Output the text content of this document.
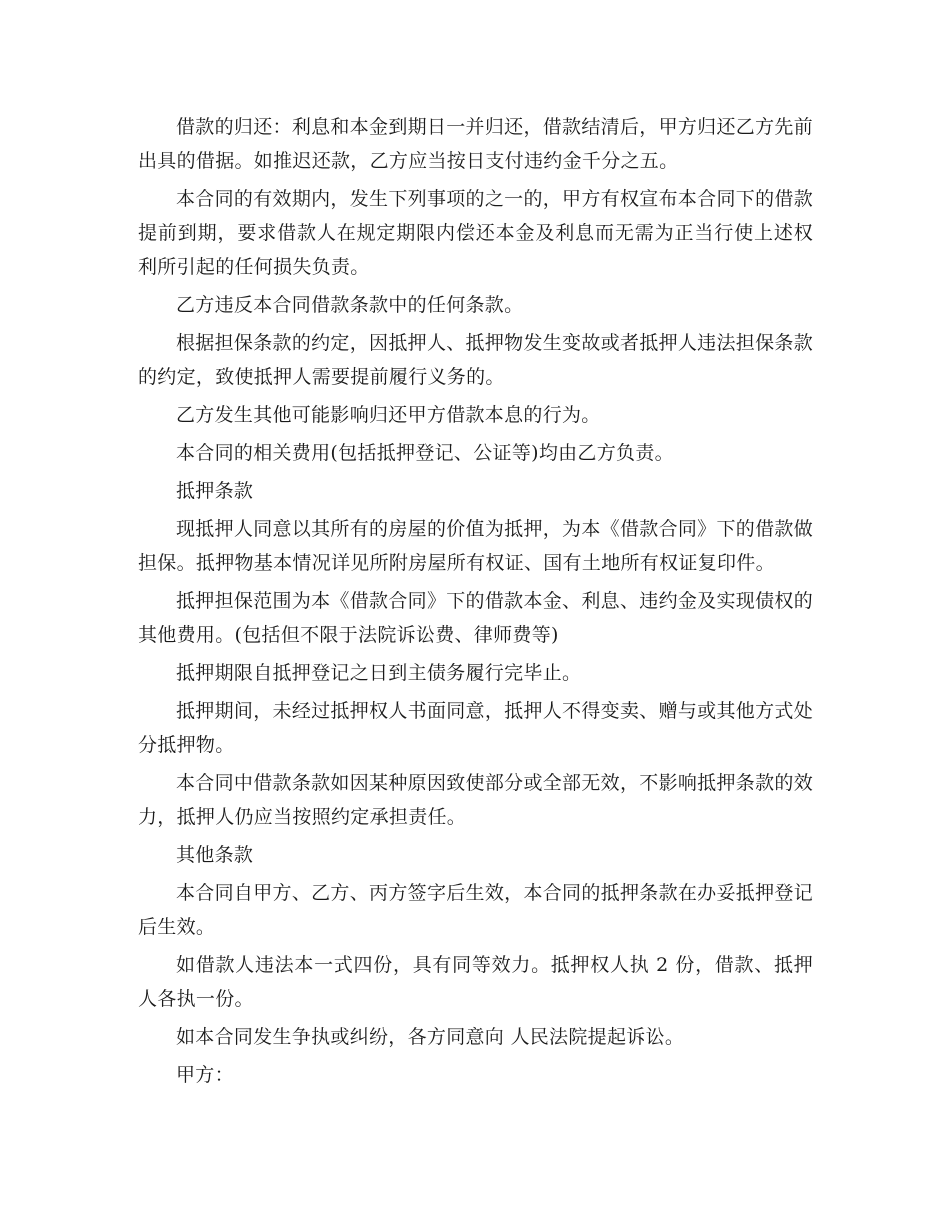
借款的归还：利息和本金到期日一并归还，借款结清后，甲方归还乙方先前出具的借据。如推迟还款，乙方应当按日支付违约金千分之五。

本合同的有效期内，发生下列事项的之一的，甲方有权宣布本合同下的借款提前到期，要求借款人在规定期限内偿还本金及利息而无需为正当行使上述权利所引起的任何损失负责。

乙方违反本合同借款条款中的任何条款。

根据担保条款的约定，因抵押人、抵押物发生变故或者抵押人违法担保条款的约定，致使抵押人需要提前履行义务的。

乙方发生其他可能影响归还甲方借款本息的行为。

本合同的相关费用(包括抵押登记、公证等)均由乙方负责。

抵押条款

现抵押人同意以其所有的房屋的价值为抵押，为本《借款合同》下的借款做担保。抵押物基本情况详见所附房屋所有权证、国有土地所有权证复印件。

抵押担保范围为本《借款合同》下的借款本金、利息、违约金及实现债权的其他费用。(包括但不限于法院诉讼费、律师费等)

抵押期限自抵押登记之日到主债务履行完毕止。

抵押期间，未经过抵押权人书面同意，抵押人不得变卖、赠与或其他方式处分抵押物。

本合同中借款条款如因某种原因致使部分或全部无效，不影响抵押条款的效力，抵押人仍应当按照约定承担责任。

其他条款

本合同自甲方、乙方、丙方签字后生效，本合同的抵押条款在办妥抵押登记后生效。

如借款人违法本一式四份，具有同等效力。抵押权人执 2 份，借款、抵押人各执一份。

如本合同发生争执或纠纷，各方同意向 人民法院提起诉讼。

甲方：
